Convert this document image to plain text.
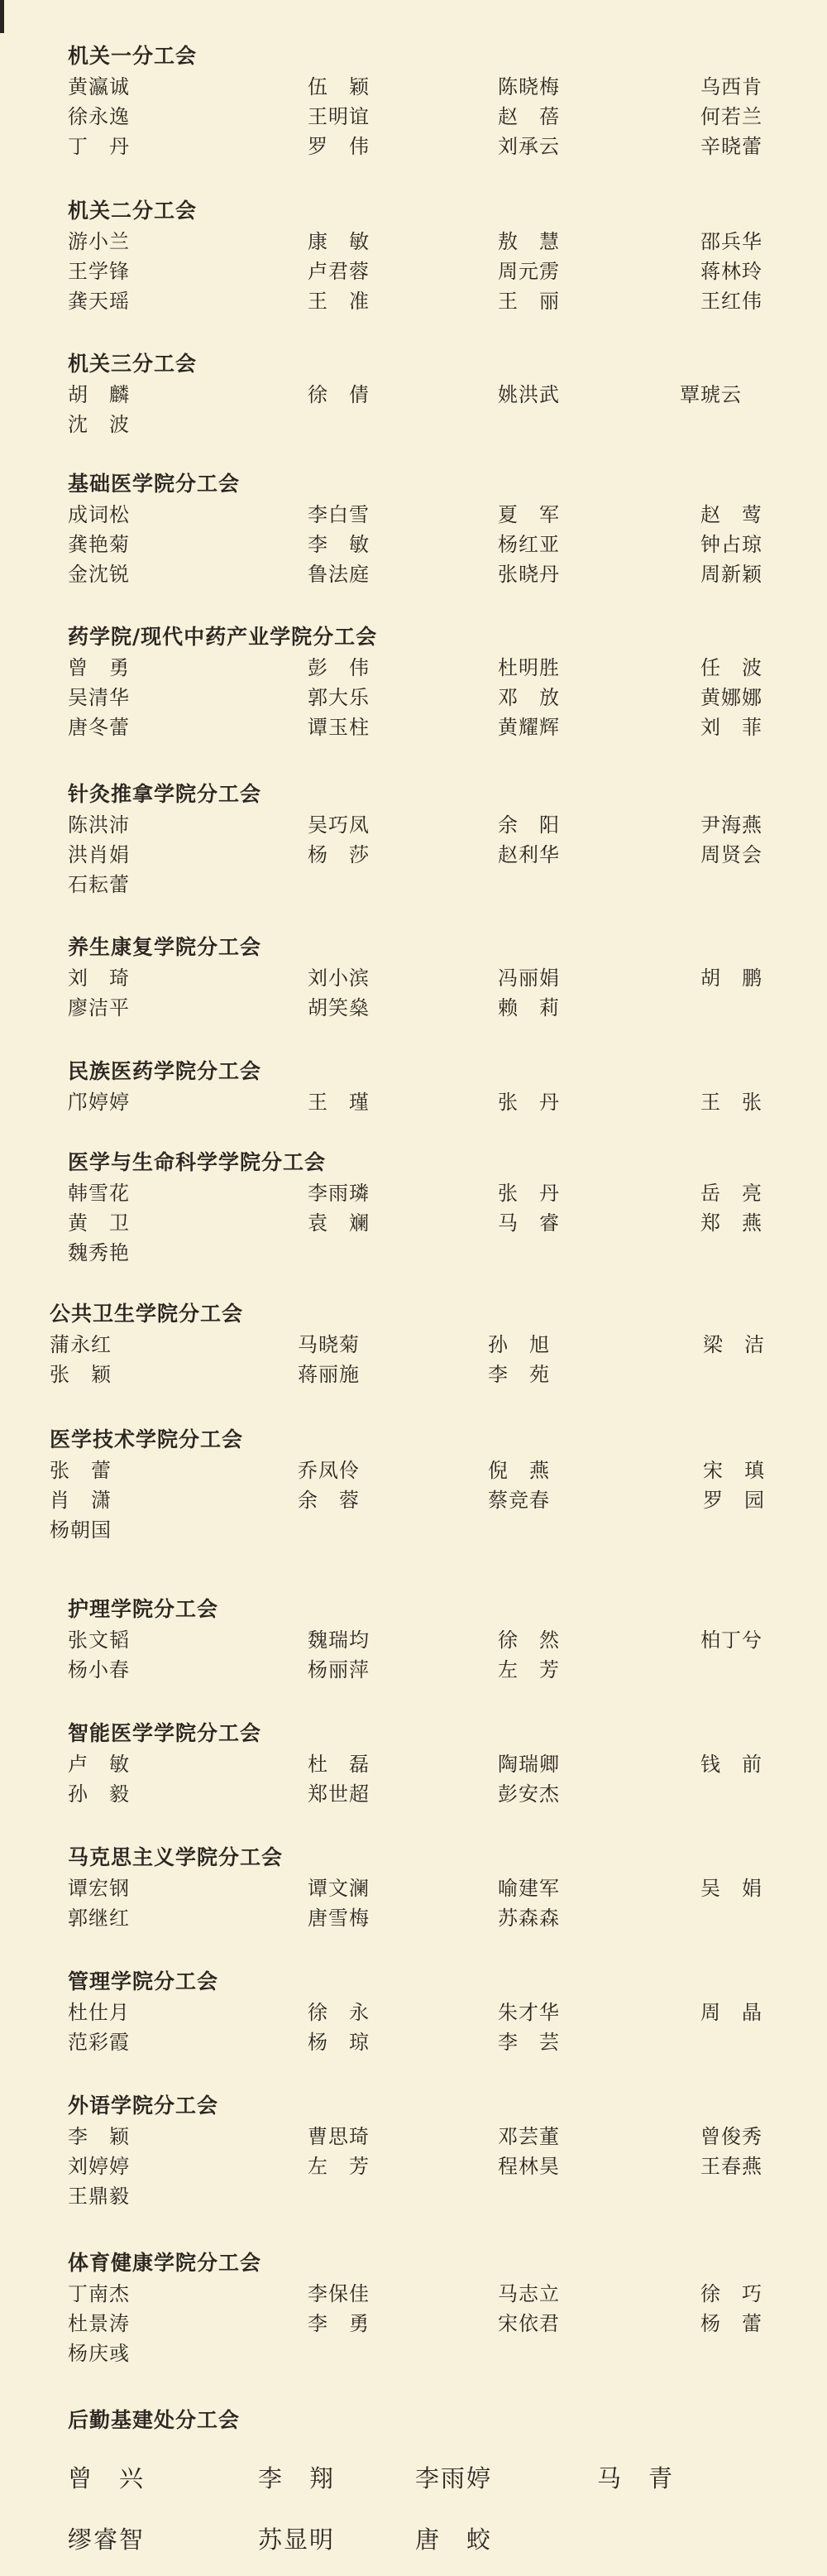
机关一分工会
黄瀛诚	伍　颖	陈晓梅	乌西肯
徐永逸	王明谊	赵　蓓	何若兰
丁　丹	罗　伟	刘承云	辛晓蕾
机关二分工会
游小兰	康　敏	敖　慧	邵兵华
王学锋	卢君蓉	周元雳	蒋林玲
龚天瑶	王　准	王　丽	王红伟
机关三分工会
胡　麟	徐　倩	姚洪武	覃琥云
沈　波
基础医学院分工会
成词松	李白雪	夏　军	赵　莺
龚艳菊	李　敏	杨红亚	钟占琼
金沈锐	鲁法庭	张晓丹	周新颖
药学院/现代中药产业学院分工会
曾　勇	彭　伟	杜明胜	任　波
吴清华	郭大乐	邓　放	黄娜娜
唐冬蕾	谭玉柱	黄耀辉	刘　菲
针灸推拿学院分工会
陈洪沛	吴巧凤	余　阳	尹海燕
洪肖娟	杨　莎	赵利华	周贤会
石耘蕾
养生康复学院分工会
刘　琦	刘小滨	冯丽娟	胡　鹏
廖洁平	胡笑燊	赖　莉
民族医药学院分工会
邝婷婷	王　瑾	张　丹	王　张
医学与生命科学学院分工会
韩雪花	李雨璘	张　丹	岳　亮
黄　卫	袁　斓	马　睿	郑　燕
魏秀艳
公共卫生学院分工会
蒲永红	马晓菊	孙　旭	梁　洁
张　颖	蒋丽施	李　苑
医学技术学院分工会
张　蕾	乔凤伶	倪　燕	宋　瑱
肖　潇	余　蓉	蔡竞春	罗　园
杨朝国
护理学院分工会
张文韬	魏瑞均	徐　然	柏丁兮
杨小春	杨丽萍	左　芳
智能医学学院分工会
卢　敏	杜　磊	陶瑞卿	钱　前
孙　毅	郑世超	彭安杰
马克思主义学院分工会
谭宏钢	谭文澜	喻建军	吴　娟
郭继红	唐雪梅	苏森森
管理学院分工会
杜仕月	徐　永	朱才华	周　晶
范彩霞	杨　琼	李　芸
外语学院分工会
李　颖	曹思琦	邓芸董	曾俊秀
刘婷婷	左　芳	程林昊	王春燕
王鼎毅
体育健康学院分工会
丁南杰	李保佳	马志立	徐　巧
杜景涛	李　勇	宋依君	杨　蕾
杨庆彧
后勤基建处分工会
曾　兴	李　翔	李雨婷	马　青
缪睿智	苏显明	唐　蛟
